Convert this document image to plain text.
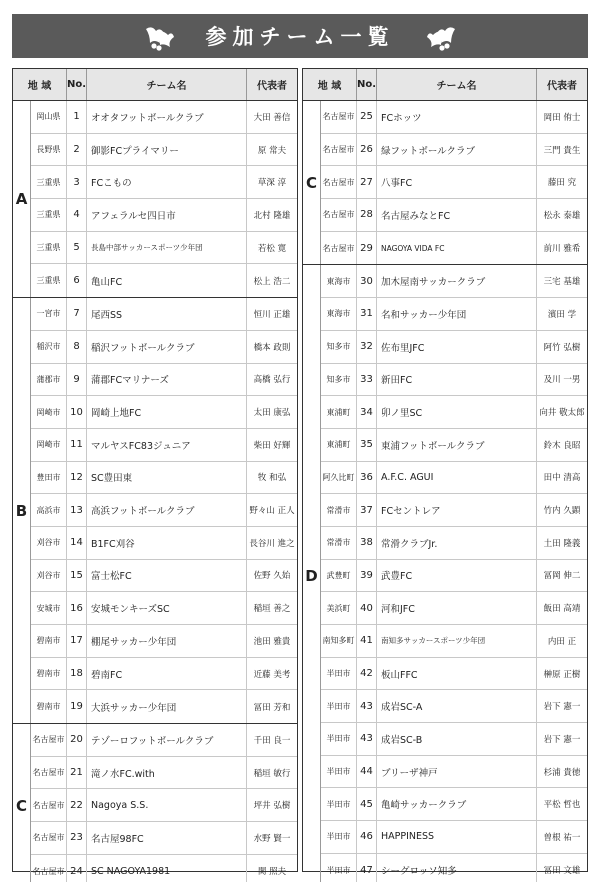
参加チーム一覧
地 域	No.	チーム名	代表者
A
岡山県	1	オオタフットボールクラブ	大田 善信
長野県	2	御影FCプライマリー	原 常夫
三重県	3	FCこもの	草深 淳
三重県	4	アフェラルセ四日市	北村 隆雄
三重県	5	長島中部サッカースポーツ少年団	若松 寛
三重県	6	亀山FC	松上 浩二
B
一宮市	7	尾西SS	恒川 正雄
稲沢市	8	稲沢フットボールクラブ	橋本 政則
蒲郡市	9	蒲郡FCマリナーズ	高橋 弘行
岡崎市 10 岡崎上地FC	太田 康弘
岡崎市 11 マルヤスFC83ジュニア	柴田 好輝
豊田市 12 SC豊田東	牧 和弘
高浜市 13 高浜フットボールクラブ	野々山 正人
刈谷市 14 B1FC刈谷	長谷川 進之
刈谷市 15 富士松FC	佐野 久始
安城市 16 安城モンキーズSC	稲垣 善之
碧南市 17 棚尾サッカー少年団	池田 雅貴
碧南市 18 碧南FC	近藤 美考
碧南市 19 大浜サッカー少年団	冨田 芳和
C
名古屋市 20 テゾーロフットボールクラブ	千田 良一
名古屋市 21 滝ノ水FC.with	稲垣 敏行
名古屋市 22 Nagoya S.S.	坪井 弘樹
名古屋市 23 名古屋98FC	水野 賢一
名古屋市 24 SC NAGOYA1981	関 照夫
地 域	No.	チーム名	代表者
C
名古屋市 25 FCホッツ	岡田 侑士
名古屋市 26 緑フットボールクラブ	三門 貴生
名古屋市 27 八事FC	藤田 究
名古屋市 28 名古屋みなとFC	松永 泰雄
名古屋市 29	NAGOYA VIDA FC	前川 雅希
D
東海市 30 加木屋南サッカークラブ	三宅 基雄
東海市 31 名和サッカー少年団	濱田 学
知多市 32 佐布里JFC	阿竹 弘樹
知多市 33 新田FC	及川 一男
東浦町 34 卯ノ里SC	向井 敬太郎
東浦町 35 東浦フットボールクラブ	鈴木 良昭
阿久比町 36 A.F.C. AGUI	田中 清高
常滑市 37 FCセントレア	竹内 久顕
常滑市 38 常滑クラブJr.	土田 隆義
武豊町 39 武豊FC	冨岡 伸二
美浜町 40 河和JFC	飯田 高靖
南知多町 41	南知多サッカースポーツ少年団	内田 正
半田市 42 板山FFC	榊原 正樹
半田市 43 成岩SC-A	岩下 憲一
半田市 43 成岩SC-B	岩下 憲一
半田市 44 ブリーザ神戸	杉浦 貴徳
半田市 45 亀崎サッカークラブ	平松 哲也
半田市 46 HAPPINESS	曽根 祐一
半田市 47 シーグロッソ知多	冨田 文雄
